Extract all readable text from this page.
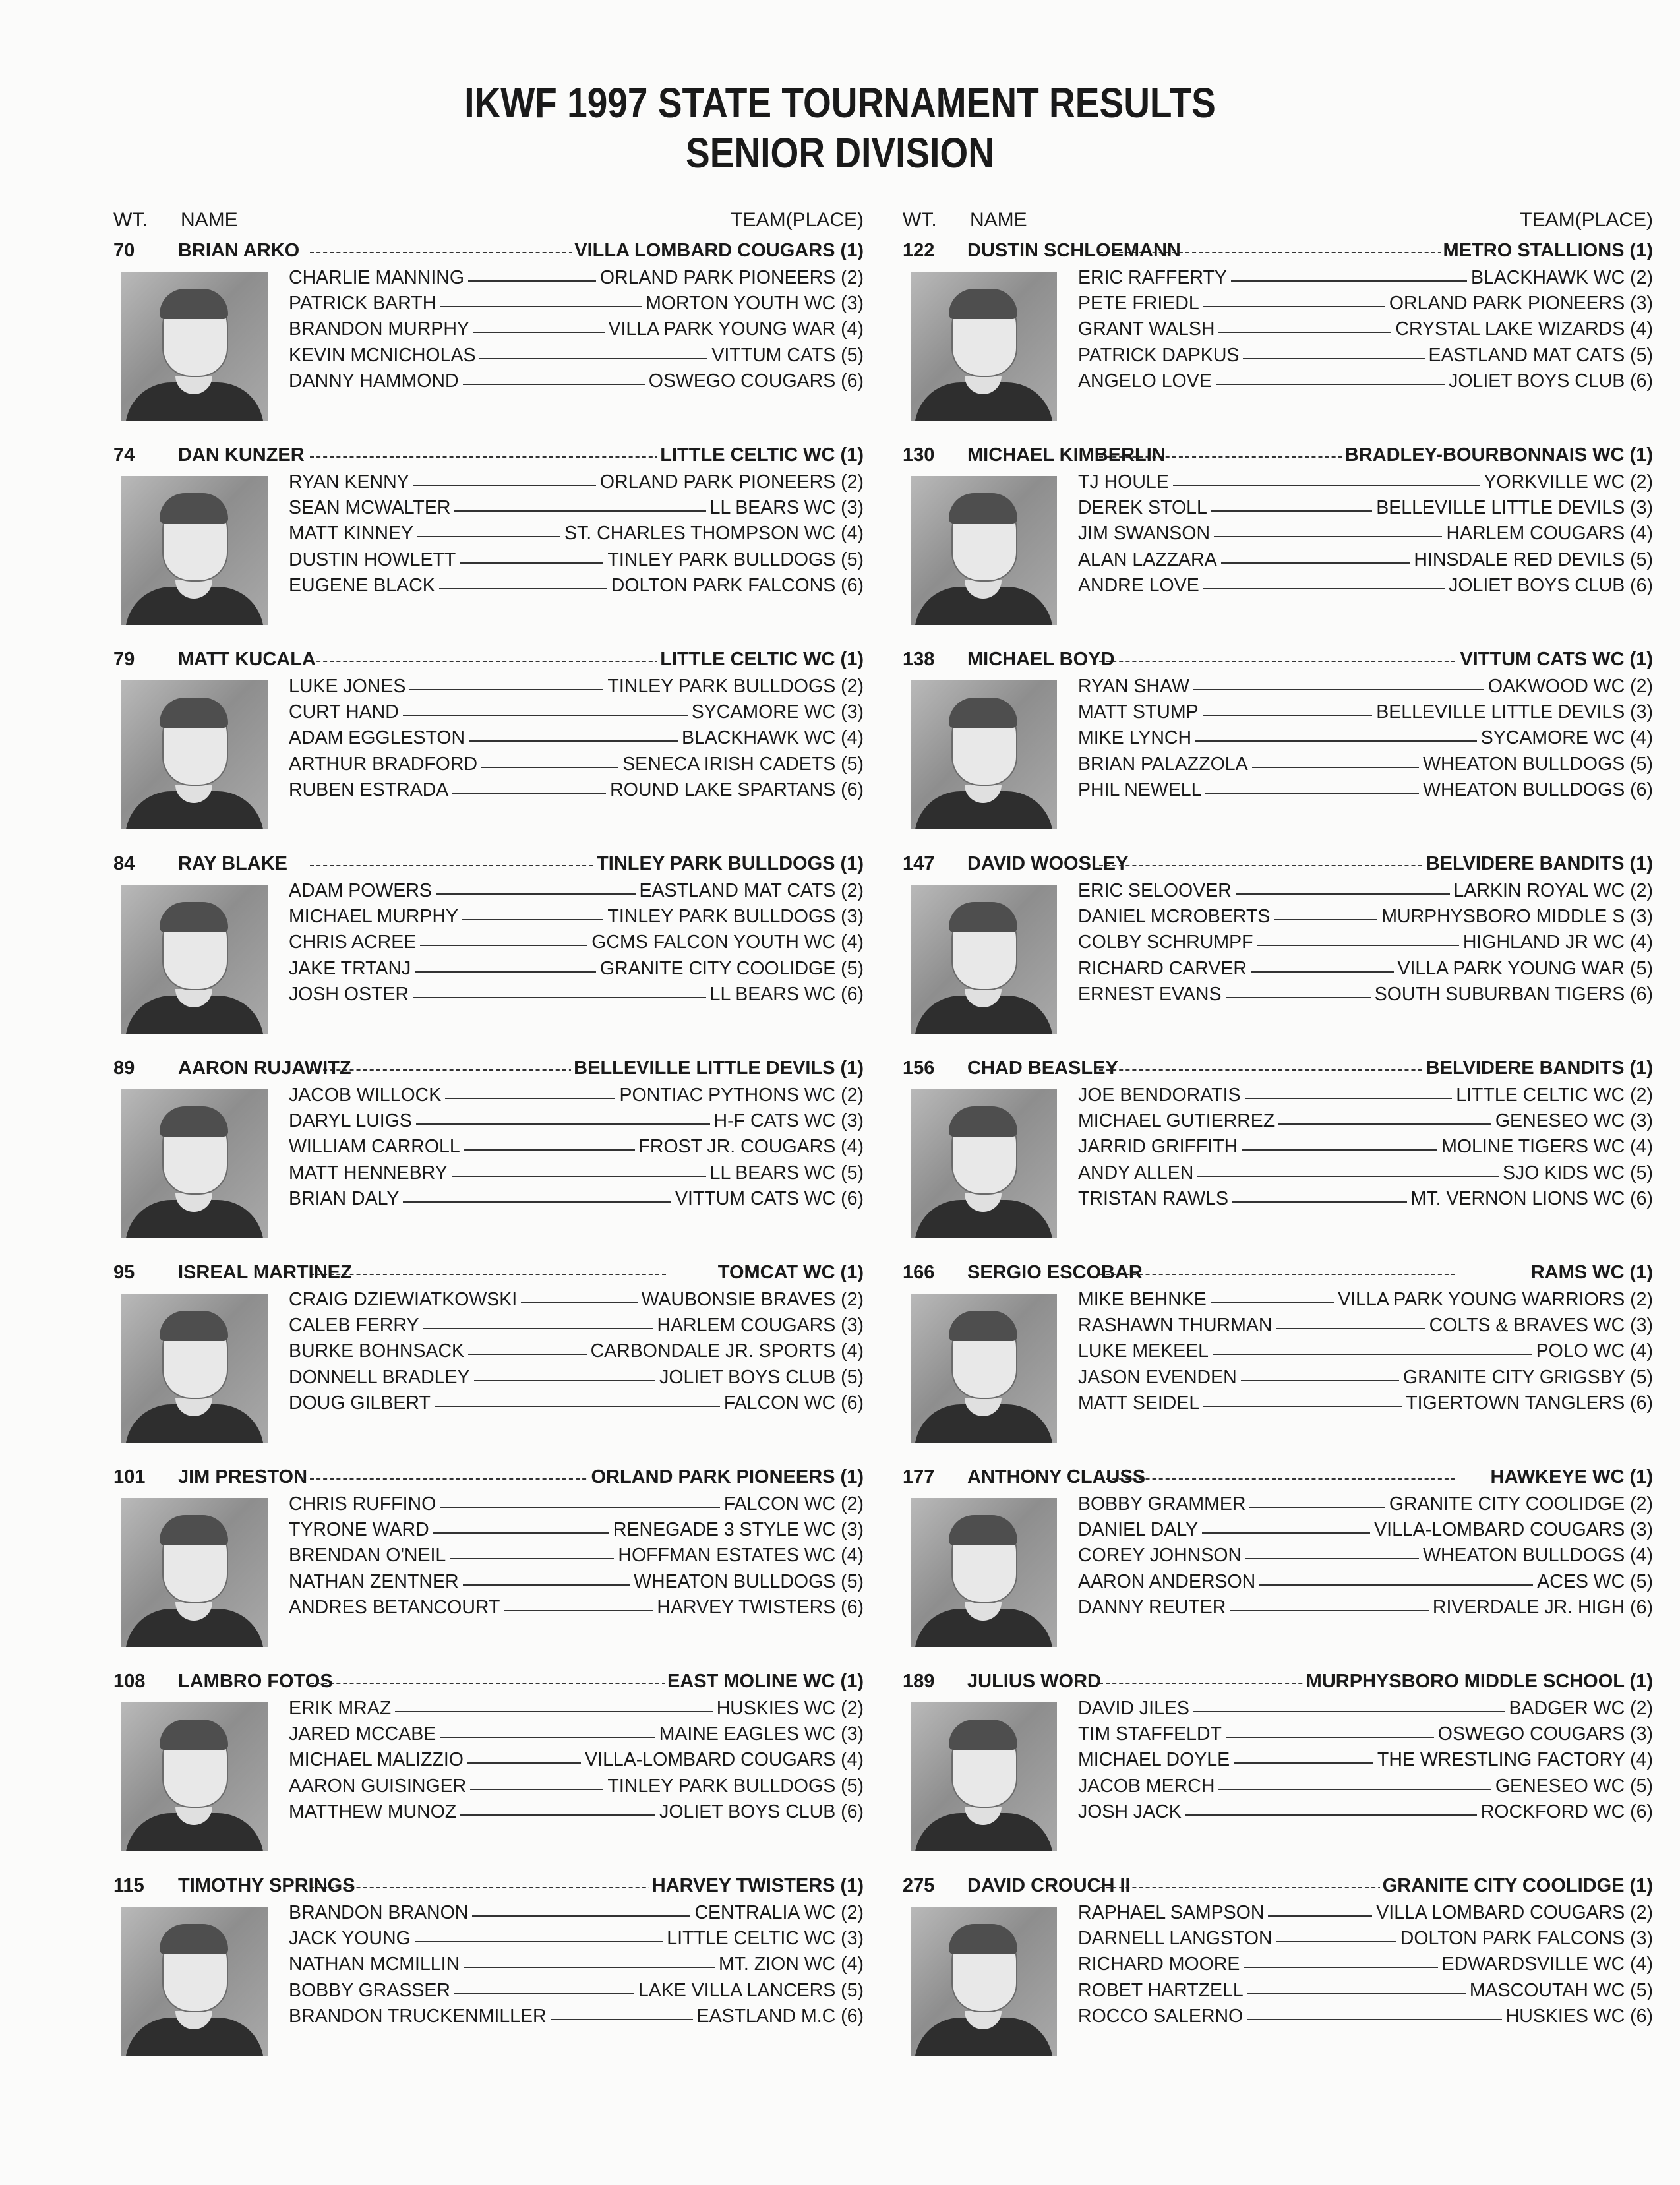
IKWF 1997 STATE TOURNAMENT RESULTS
SENIOR DIVISION
WT. NAME	TEAM(PLACE)
70 BRIAN ARKO	VILLA LOMBARD COUGARS (1)
CHARLIE MANNING	ORLAND PARK PIONEERS (2)
PATRICK BARTH	MORTON YOUTH WC (3)
BRANDON MURPHY	VILLA PARK YOUNG WAR (4)
KEVIN MCNICHOLAS	VITTUM CATS (5)
DANNY HAMMOND	OSWEGO COUGARS (6)
74 DAN KUNZER	LITTLE CELTIC WC (1)
RYAN KENNY	ORLAND PARK PIONEERS (2)
SEAN MCWALTER	LL BEARS WC (3)
MATT KINNEY	ST. CHARLES THOMPSON WC (4)
DUSTIN HOWLETT	TINLEY PARK BULLDOGS (5)
EUGENE BLACK	DOLTON PARK FALCONS (6)
79 MATT KUCALA	LITTLE CELTIC WC (1)
LUKE JONES	TINLEY PARK BULLDOGS (2)
CURT HAND	SYCAMORE WC (3)
ADAM EGGLESTON	BLACKHAWK WC (4)
ARTHUR BRADFORD	SENECA IRISH CADETS (5)
RUBEN ESTRADA	ROUND LAKE SPARTANS (6)
84 RAY BLAKE	TINLEY PARK BULLDOGS (1)
ADAM POWERS	EASTLAND MAT CATS (2)
MICHAEL MURPHY	TINLEY PARK BULLDOGS (3)
CHRIS ACREE	GCMS FALCON YOUTH WC (4)
JAKE TRTANJ	GRANITE CITY COOLIDGE (5)
JOSH OSTER	LL BEARS WC (6)
89 AARON RUJAWITZ	BELLEVILLE LITTLE DEVILS (1)
JACOB WILLOCK	PONTIAC PYTHONS WC (2)
DARYL LUIGS	H-F CATS WC (3)
WILLIAM CARROLL	FROST JR. COUGARS (4)
MATT HENNEBRY	LL BEARS WC (5)
BRIAN DALY	VITTUM CATS WC (6)
95 ISREAL MARTINEZ	TOMCAT WC (1)
CRAIG DZIEWIATKOWSKI	WAUBONSIE BRAVES (2)
CALEB FERRY	HARLEM COUGARS (3)
BURKE BOHNSACK	CARBONDALE JR. SPORTS (4)
DONNELL BRADLEY	JOLIET BOYS CLUB (5)
DOUG GILBERT	FALCON WC (6)
101 JIM PRESTON	ORLAND PARK PIONEERS (1)
CHRIS RUFFINO	FALCON WC (2)
TYRONE WARD	RENEGADE 3 STYLE WC (3)
BRENDAN O'NEIL	HOFFMAN ESTATES WC (4)
NATHAN ZENTNER	WHEATON BULLDOGS (5)
ANDRES BETANCOURT	HARVEY TWISTERS (6)
108 LAMBRO FOTOS	EAST MOLINE WC (1)
ERIK MRAZ	HUSKIES WC (2)
JARED MCCABE	MAINE EAGLES WC (3)
MICHAEL MALIZZIO	VILLA-LOMBARD COUGARS (4)
AARON GUISINGER	TINLEY PARK BULLDOGS (5)
MATTHEW MUNOZ	JOLIET BOYS CLUB (6)
115 TIMOTHY SPRINGS	HARVEY TWISTERS (1)
BRANDON BRANON	CENTRALIA WC (2)
JACK YOUNG	LITTLE CELTIC WC (3)
NATHAN MCMILLIN	MT. ZION WC (4)
BOBBY GRASSER	LAKE VILLA LANCERS (5)
BRANDON TRUCKENMILLER	EASTLAND M.C (6)
WT. NAME	TEAM(PLACE)
122 DUSTIN SCHLOEMANN	METRO STALLIONS (1)
ERIC RAFFERTY	BLACKHAWK WC (2)
PETE FRIEDL	ORLAND PARK PIONEERS (3)
GRANT WALSH	CRYSTAL LAKE WIZARDS (4)
PATRICK DAPKUS	EASTLAND MAT CATS (5)
ANGELO LOVE	JOLIET BOYS CLUB (6)
130 MICHAEL KIMBERLIN	BRADLEY-BOURBONNAIS WC (1)
TJ HOULE	YORKVILLE WC (2)
DEREK STOLL	BELLEVILLE LITTLE DEVILS (3)
JIM SWANSON	HARLEM COUGARS (4)
ALAN LAZZARA	HINSDALE RED DEVILS (5)
ANDRE LOVE	JOLIET BOYS CLUB (6)
138 MICHAEL BOYD	VITTUM CATS WC (1)
RYAN SHAW	OAKWOOD WC (2)
MATT STUMP	BELLEVILLE LITTLE DEVILS (3)
MIKE LYNCH	SYCAMORE WC (4)
BRIAN PALAZZOLA	WHEATON BULLDOGS (5)
PHIL NEWELL	WHEATON BULLDOGS (6)
147 DAVID WOOSLEY	BELVIDERE BANDITS (1)
ERIC SELOOVER	LARKIN ROYAL WC (2)
DANIEL MCROBERTS	MURPHYSBORO MIDDLE S (3)
COLBY SCHRUMPF	HIGHLAND JR WC (4)
RICHARD CARVER	VILLA PARK YOUNG WAR (5)
ERNEST EVANS	SOUTH SUBURBAN TIGERS (6)
156 CHAD BEASLEY	BELVIDERE BANDITS (1)
JOE BENDORATIS	LITTLE CELTIC WC (2)
MICHAEL GUTIERREZ	GENESEO WC (3)
JARRID GRIFFITH	MOLINE TIGERS WC (4)
ANDY ALLEN	SJO KIDS WC (5)
TRISTAN RAWLS	MT. VERNON LIONS WC (6)
166 SERGIO ESCOBAR	RAMS WC (1)
MIKE BEHNKE	VILLA PARK YOUNG WARRIORS (2)
RASHAWN THURMAN	COLTS & BRAVES WC (3)
LUKE MEKEEL	POLO WC (4)
JASON EVENDEN	GRANITE CITY GRIGSBY (5)
MATT SEIDEL	TIGERTOWN TANGLERS (6)
177 ANTHONY CLAUSS	HAWKEYE WC (1)
BOBBY GRAMMER	GRANITE CITY COOLIDGE (2)
DANIEL DALY	VILLA-LOMBARD COUGARS (3)
COREY JOHNSON	WHEATON BULLDOGS (4)
AARON ANDERSON	ACES WC (5)
DANNY REUTER	RIVERDALE JR. HIGH (6)
189 JULIUS WORD	MURPHYSBORO MIDDLE SCHOOL (1)
DAVID JILES	BADGER WC (2)
TIM STAFFELDT	OSWEGO COUGARS (3)
MICHAEL DOYLE	THE WRESTLING FACTORY (4)
JACOB MERCH	GENESEO WC (5)
JOSH JACK	ROCKFORD WC (6)
275 DAVID CROUCH II	GRANITE CITY COOLIDGE (1)
RAPHAEL SAMPSON	VILLA LOMBARD COUGARS (2)
DARNELL LANGSTON	DOLTON PARK FALCONS (3)
RICHARD MOORE	EDWARDSVILLE WC (4)
ROBET HARTZELL	MASCOUTAH WC (5)
ROCCO SALERNO	HUSKIES WC (6)
